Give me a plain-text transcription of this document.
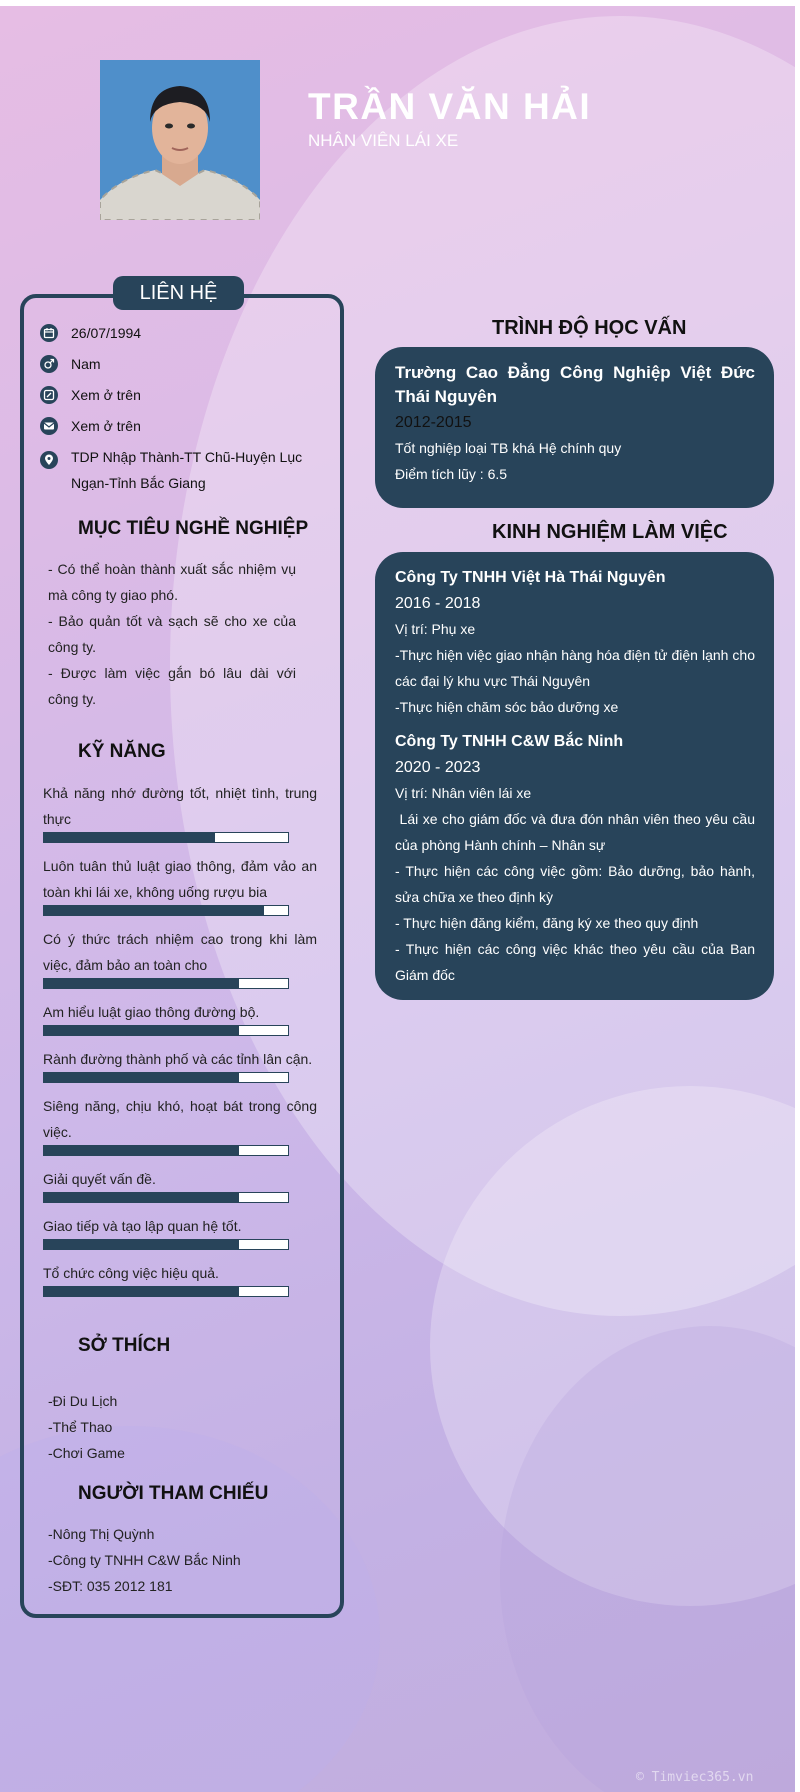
TRẦN VĂN HẢI
NHÂN VIÊN LÁI XE
LIÊN HỆ
26/07/1994
Nam
Xem ở trên
Xem ở trên
TDP Nhập Thành-TT Chũ-Huyện Lục Ngạn-Tỉnh Bắc Giang
MỤC TIÊU NGHỀ NGHIỆP
- Có thể hoàn thành xuất sắc nhiệm vụ mà công ty giao phó.
- Bảo quản tốt và sạch sẽ cho xe của công ty.
- Được làm việc gắn bó lâu dài với công ty.
KỸ NĂNG
Khả năng nhớ đường tốt, nhiệt tình, trung thực
Luôn tuân thủ luật giao thông, đảm vảo an toàn khi lái xe, không uống rượu bia
Có ý thức trách nhiệm cao trong khi làm việc, đảm bảo an toàn cho
Am hiểu luật giao thông đường bộ.
Rành đường thành phố và các tỉnh lân cận.
Siêng năng, chịu khó, hoạt bát trong công việc.
Giải quyết vấn đề.
Giao tiếp và tạo lập quan hệ tốt.
Tổ chức công việc hiệu quả.
SỞ THÍCH
-Đi Du Lịch
-Thể Thao
-Chơi Game
NGƯỜI THAM CHIẾU
-Nông Thị Quỳnh
-Công ty TNHH C&W Bắc Ninh
-SĐT: 035 2012 181
TRÌNH ĐỘ HỌC VẤN
Trường Cao Đẳng Công Nghiệp Việt Đức Thái Nguyên
2012-2015
Tốt nghiệp loại TB khá Hệ chính quy
Điểm tích lũy : 6.5
KINH NGHIỆM LÀM VIỆC
Công Ty TNHH Việt Hà Thái Nguyên
2016 - 2018
Vị trí: Phụ xe
-Thực hiện việc giao nhận hàng hóa điện tử điện lạnh cho các đại lý khu vực Thái Nguyên
-Thực hiện chăm sóc bảo dưỡng xe
Công Ty TNHH C&W Bắc Ninh
2020 - 2023
Vị trí: Nhân viên lái xe
Lái xe cho giám đốc và đưa đón nhân viên theo yêu cầu của phòng Hành chính – Nhân sự
- Thực hiện các công việc gồm: Bảo dưỡng, bảo hành, sửa chữa xe theo định kỳ
- Thực hiện đăng kiểm, đăng ký xe theo quy định
- Thực hiện các công việc khác theo yêu cầu của Ban Giám đốc
© Timviec365.vn
